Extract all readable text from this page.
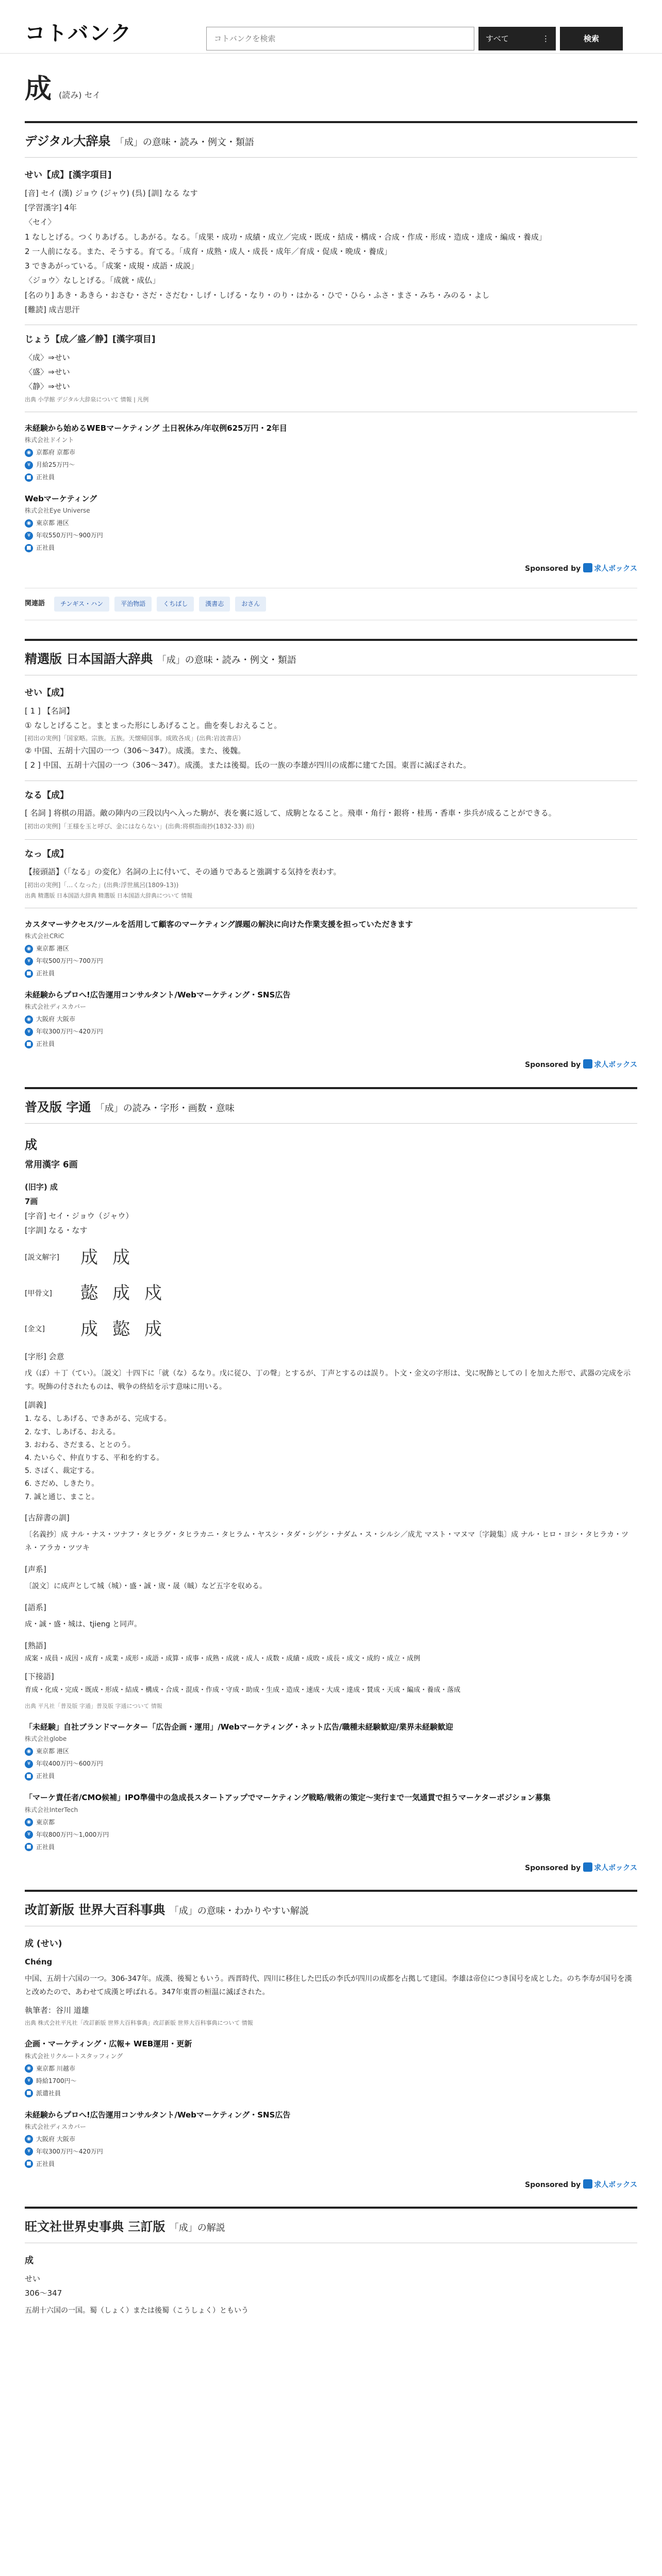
コトバンク
コトバンクを検索	すべて	⋮	検索
成 (読み) セイ
デジタル大辞泉 「成」の意味・読み・例文・類語
せい【成】[漢字項目]

[音] セイ (漢) ジョウ (ジャウ) (呉) [訓] なる なす

[学習漢字] 4年

〈セイ〉

1 なしとげる。つくりあげる。しあがる。なる。「成果・成功・成績・成立／完成・既成・結成・構成・合成・作成・形成・造成・達成・編成・養成」

2 一人前になる。また、そうする。育てる。「成育・成熟・成人・成長・成年／育成・促成・晩成・養成」

3 できあがっている。「成案・成規・成語・成説」

〈ジョウ〉なしとげる。「成就・成仏」

[名のり] あき・あきら・おさむ・さだ・さだむ・しげ・しげる・なり・のり・はかる・ひで・ひら・ふさ・まさ・みち・みのる・よし

[難読] 成吉思汗

じょう【成／盛／静】[漢字項目]

〈成〉⇒せい

〈盛〉⇒せい

〈静〉⇒せい

出典 小学館 デジタル大辞泉について 情報 | 凡例

未経験から始めるWEBマーケティング 土日祝休み/年収例625万円・2年目
株式会社ドイント
◉ 京都府 京都市
¥ 月給25万円〜
■ 正社員
Webマーケティング
株式会社Eye Universe
◉ 東京都 港区
¥ 年収550万円〜900万円
■ 正社員
Sponsored by 求人ボックス
関連語	チンギス・ハン	平治物語	くちばし	漢書志	おさん
精選版 日本国語大辞典 「成」の意味・読み・例文・類語
せい【成】

[ 1 ] 【名詞】

① なしとげること。まとまった形にしあげること。曲を奏しおえること。

[初出の実例]「国家略。宗族。五族。天懐帰国事。成敗各成」(出典:岩波書店）

② 中国、五胡十六国の一つ（306〜347）。成漢。また、後魏。

[ 2 ] 中国、五胡十六国の一つ（306〜347）。成漢。または後蜀。氐の一族の李雄が四川の成都に建てた国。東晋に滅ぼされた。

なる【成】

[ 名詞 ] 将棋の用語。敵の陣内の三段以内へ入った駒が、表を裏に返して、成駒となること。飛車・角行・銀将・桂馬・香車・歩兵が成ることができる。

[初出の実例]「王様を玉と呼び、金にはならない」(出典:将棋指南抄(1832-33) 前)

なっ【成】

【接頭語】（「なる」の変化）名詞の上に付いて、その通りであると強調する気持を表わす。

[初出の実例]「…くなった」(出典:浮世風呂(1809-13))

出典 精選版 日本国語大辞典 精選版 日本国語大辞典について 情報

カスタマーサクセス/ツールを活用して顧客のマーケティング課題の解決に向けた作業支援を担っていただきます
株式会社CRiC
◉ 東京都 港区
¥ 年収500万円〜700万円
■ 正社員
未経験からプロへ!広告運用コンサルタント/Webマーケティング・SNS広告
株式会社ディスカバー
◉ 大阪府 大阪市
¥ 年収300万円〜420万円
■ 正社員
Sponsored by 求人ボックス
普及版 字通 「成」の読み・字形・画数・意味
成
常用漢字 6画

(旧字) 成

7画

[字音] セイ・ジョウ（ジャウ）

[字訓] なる・なす

[説文解字]	成 成
[甲骨文]	㦤 成 戍
[金文]	成 㦤 成

[字形] 会意

戊（ぼ）＋丁（てい）。〔説文〕十四下に「就（な）るなり。戊に従ひ、丁の聲」とするが、丁声とするのは誤り。卜文・金文の字形は、戈に呪飾としての丨を加えた形で、武器の完成を示す。呪飾の付されたものは、戦争の終結を示す意味に用いる。

[訓義]

1. なる、しあげる、できあがる、完成する。

2. なす、しあげる、おえる。

3. おわる、さだまる、ととのう。

4. たいらぐ、仲直りする、平和を約する。

5. さばく、裁定する。

6. さだめ、しきたり。

7. 誠と通じ、まこと。

[古辞書の訓]

〔名義抄〕成 ナル・ナス・ツナフ・タヒラグ・タヒラカニ・タヒラム・ヤスシ・タダ・シゲシ・ナダム・ス・シルシ／成尤 マスト・マヌマ〔字鏡集〕成 ナル・ヒロ・ヨシ・タヒラカ・ツネ・アラカ・ツツキ

[声系]

〔説文〕に成声として城（城）・盛・誠・宬・晟（晠）など五字を収める。

[語系]

成・誠・盛・城は、tjieng と同声。

[熟語]

成案・成員・成因・成育・成業・成形・成語・成算・成事・成熟・成就・成人・成数・成績・成敗・成長・成文・成約・成立・成例

[下接語]

育成・化成・完成・既成・形成・結成・構成・合成・混成・作成・守成・助成・生成・造成・速成・大成・達成・賛成・天成・編成・養成・落成

出典 平凡社「普及版 字通」普及版 字通について 情報

「未経験」自社ブランドマーケター「広告企画・運用」/Webマーケティング・ネット広告/職種未経験歓迎/業界未経験歓迎
株式会社globe
◉ 東京都 港区
¥ 年収400万円〜600万円
■ 正社員
「マーケ責任者/CMO候補」IPO準備中の急成長スタートアップでマーケティング戦略/戦術の策定〜実行まで一気通貫で担うマーケターポジション募集
株式会社InterTech
◉ 東京都
¥ 年収800万円〜1,000万円
■ 正社員
Sponsored by 求人ボックス
改訂新版 世界大百科事典 「成」の意味・わかりやすい解説
成 (せい)

Chéng

中国、五胡十六国の一つ。306-347年。成漢、後蜀ともいう。西晋時代、四川に移住した巴氐の李氏が四川の成都を占拠して建国。李雄は帝位につき国号を成とした。のち李寿が国号を漢と改めたので、あわせて成漢と呼ばれる。347年東晋の桓温に滅ぼされた。

執筆者：谷川 道雄

出典 株式会社平凡社「改訂新版 世界大百科事典」改訂新版 世界大百科事典について 情報

企画・マーケティング・広報+ WEB運用・更新
株式会社リクルートスタッフィング
◉ 東京都 川越市
¥ 時給1700円〜
■ 派遣社員
未経験からプロへ!広告運用コンサルタント/Webマーケティング・SNS広告
株式会社ディスカバー
◉ 大阪府 大阪市
¥ 年収300万円〜420万円
■ 正社員
Sponsored by 求人ボックス
旺文社世界史事典 三訂版 「成」の解説
成

せい

306〜347

五胡十六国の一国。蜀（しょく）または後蜀（こうしょく）ともいう
